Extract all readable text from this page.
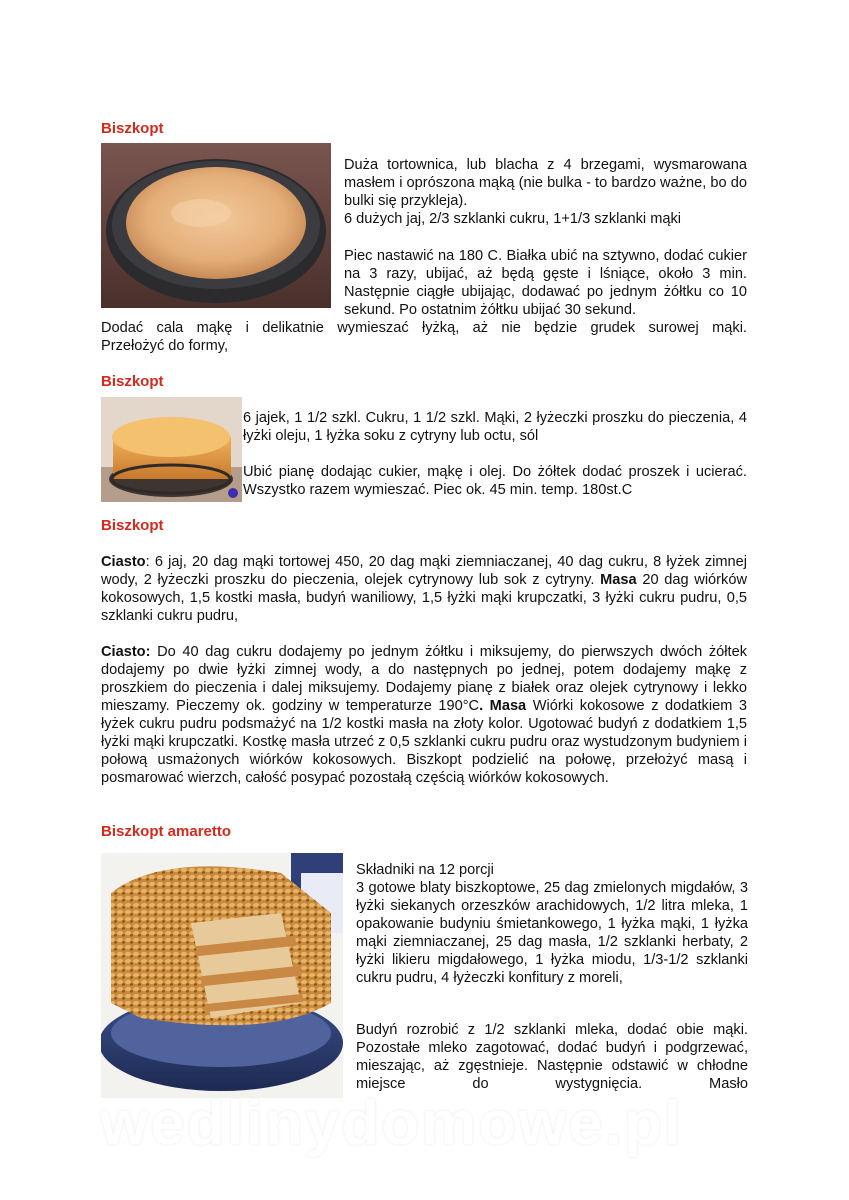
Biszkopt

Duża tortownica, lub blacha z 4 brzegami, wysmarowana masłem i oprószona mąką (nie bulka - to bardzo ważne, bo do bulki się przykleja).

6 dużych jaj, 2/3 szklanki cukru, 1+1/3 szklanki mąki

Piec nastawić na 180 C. Białka ubić na sztywno, dodać cukier na 3 razy, ubijać, aż będą gęste i lśniące, około 3 min. Następnie ciągłe ubijając, dodawać po jednym żółtku co 10 sekund. Po ostatnim żółtku ubijać 30 sekund.

Dodać cala mąkę i delikatnie wymieszać łyżką, aż nie będzie grudek surowej mąki.

Przełożyć do formy,

Biszkopt

6 jajek, 1 1/2 szkl. Cukru, 1 1/2 szkl. Mąki, 2 łyżeczki proszku do pieczenia, 4 łyżki oleju, 1 łyżka soku z cytryny lub octu, sól

Ubić pianę dodając cukier, mąkę i olej. Do żółtek dodać proszek i ucierać. Wszystko razem wymieszać. Piec ok. 45 min. temp. 180st.C

Biszkopt

Ciasto: 6 jaj, 20 dag mąki tortowej 450, 20 dag mąki ziemniaczanej, 40 dag cukru, 8 łyżek zimnej wody, 2 łyżeczki proszku do pieczenia, olejek cytrynowy lub sok z cytryny. Masa 20 dag wiórków kokosowych, 1,5 kostki masła, budyń waniliowy, 1,5 łyżki mąki krupczatki, 3 łyżki cukru pudru, 0,5 szklanki cukru pudru,

Ciasto: Do 40 dag cukru dodajemy po jednym żółtku i miksujemy, do pierwszych dwóch żółtek dodajemy po dwie łyżki zimnej wody, a do następnych po jednej, potem dodajemy mąkę z proszkiem do pieczenia i dalej miksujemy. Dodajemy pianę z białek oraz olejek cytrynowy i lekko mieszamy. Pieczemy ok. godziny w temperaturze 190°C. Masa Wiórki kokosowe z dodatkiem 3 łyżek cukru pudru podsmażyć na 1/2 kostki masła na złoty kolor. Ugotować budyń z dodatkiem 1,5 łyżki mąki krupczatki. Kostkę masła utrzeć z 0,5 szklanki cukru pudru oraz wystudzonym budyniem i połową usmażonych wiórków kokosowych. Biszkopt podzielić na połowę, przełożyć masą i posmarować wierzch, całość posypać pozostałą częścią wiórków kokosowych.

Biszkopt amaretto

Składniki na 12 porcji

3 gotowe blaty biszkoptowe, 25 dag zmielonych migdałów, 3 łyżki siekanych orzeszków arachidowych, 1/2 litra mleka, 1 opakowanie budyniu śmietankowego, 1 łyżka mąki, 1 łyżka mąki ziemniaczanej, 25 dag masła, 1/2 szklanki herbaty, 2 łyżki likieru migdałowego, 1 łyżka miodu, 1/3-1/2 szklanki cukru pudru, 4 łyżeczki konfitury z moreli,

Budyń rozrobić z 1/2 szklanki mleka, dodać obie mąki. Pozostałe mleko zagotować, dodać budyń i podgrzewać, mieszając, aż zgęstnieje. Następnie odstawić w chłodne miejsce do wystygnięcia. Masło

wedlinydomowe.pl
